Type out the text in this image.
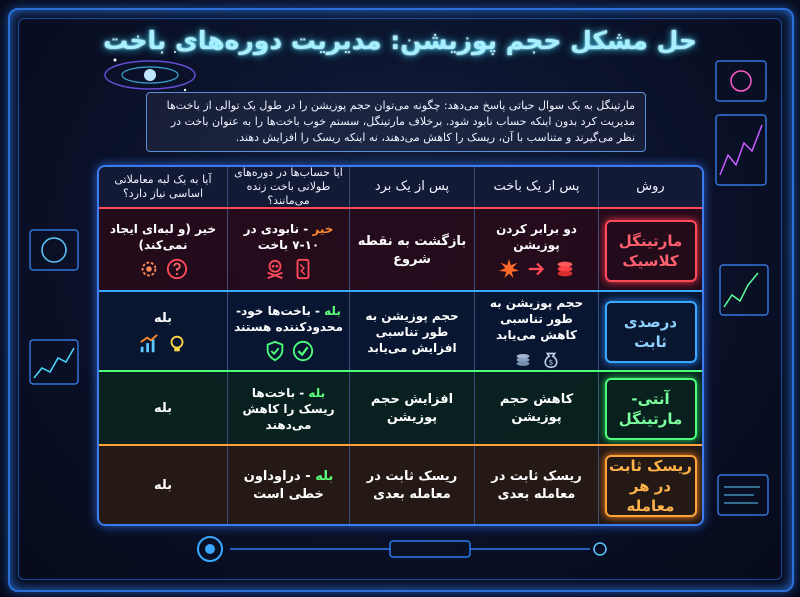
حل مشکل حجم پوزیشن: مدیریت دوره‌های باخت
مارتینگل به یک سوال حیاتی پاسخ می‌دهد: چگونه می‌توان حجم پوزیشن را در طول یک توالی از باخت‌ها مدیریت کرد بدون اینکه حساب نابود شود. برخلاف مارتینگل، سستم خوب باخت‌ها را به عنوان باخت در نظر می‌گیرند و متناسب با آن، ریسک را کاهش می‌دهند، نه اینکه ریسک را افزایش دهند.
روش
پس از یک باخت
پس از یک برد
آیا حساب‌ها در دوره‌های طولانی باخت زنده می‌مانند؟
آیا به یک لبه معاملاتی اساسی نیاز دارد؟
مارتینگل کلاسیک
دو برابر کردن پوزیشن
بازگشت به نقطه شروع
خیر - نابودی در ۱۰-۷ باخت
خیر (و لبه‌ای ایجاد نمی‌کند)
درصدی ثابت
حجم پوزیشن به طور تناسبی کاهش می‌یابد
$
حجم پوزیشن به طور تناسبی افزایش می‌یابد
بله - باخت‌ها خود-محدودکننده هستند
بله
آنتی-مارتینگل
کاهش حجم پوزیشن
افزایش حجم پوزیشن
بله - باخت‌ها ریسک را کاهش می‌دهند
بله
ریسک ثابت در هر معامله
ریسک ثابت در معامله بعدی
ریسک ثابت در معامله بعدی
بله - دراوداون خطی است
بله
